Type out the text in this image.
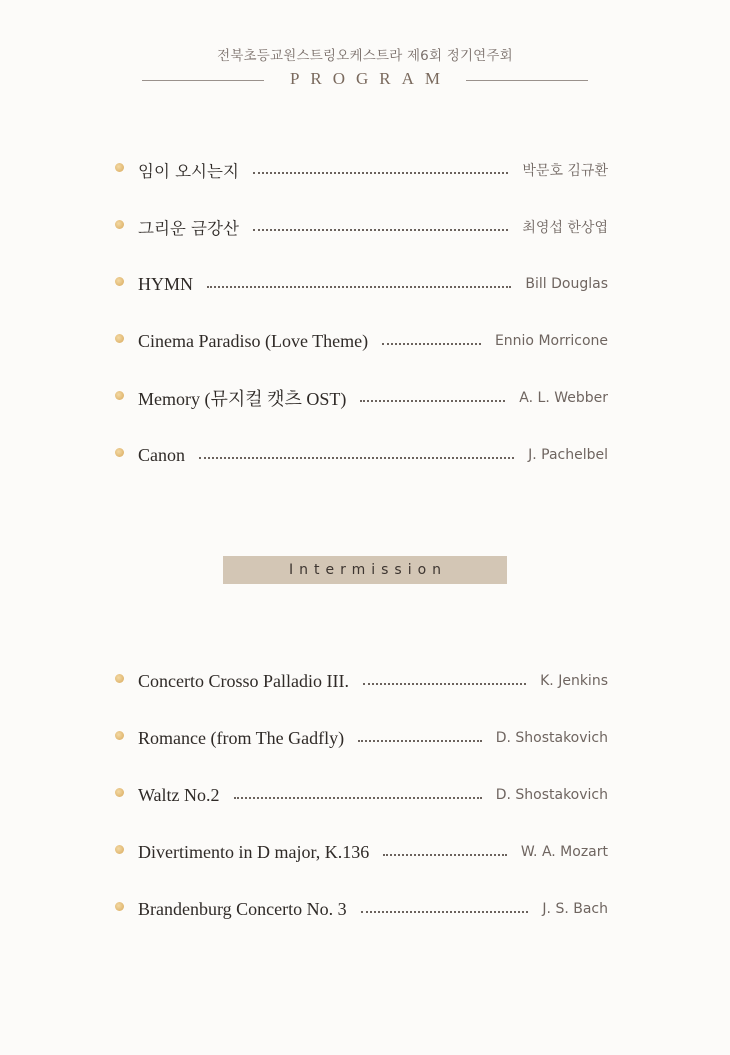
전북초등교원스트링오케스트라 제6회 정기연주회
PROGRAM
임이 오시는지	박문호 김규환
그리운 금강산	최영섭 한상엽
HYMN	Bill Douglas
Cinema Paradiso (Love Theme)	Ennio Morricone
Memory (뮤지컬 캣츠 OST)	A. L. Webber
Canon	J. Pachelbel
Intermission
Concerto Crosso Palladio III.	K. Jenkins
Romance (from The Gadfly)	D. Shostakovich
Waltz No.2	D. Shostakovich
Divertimento in D major, K.136	W. A. Mozart
Brandenburg Concerto No. 3	J. S. Bach
